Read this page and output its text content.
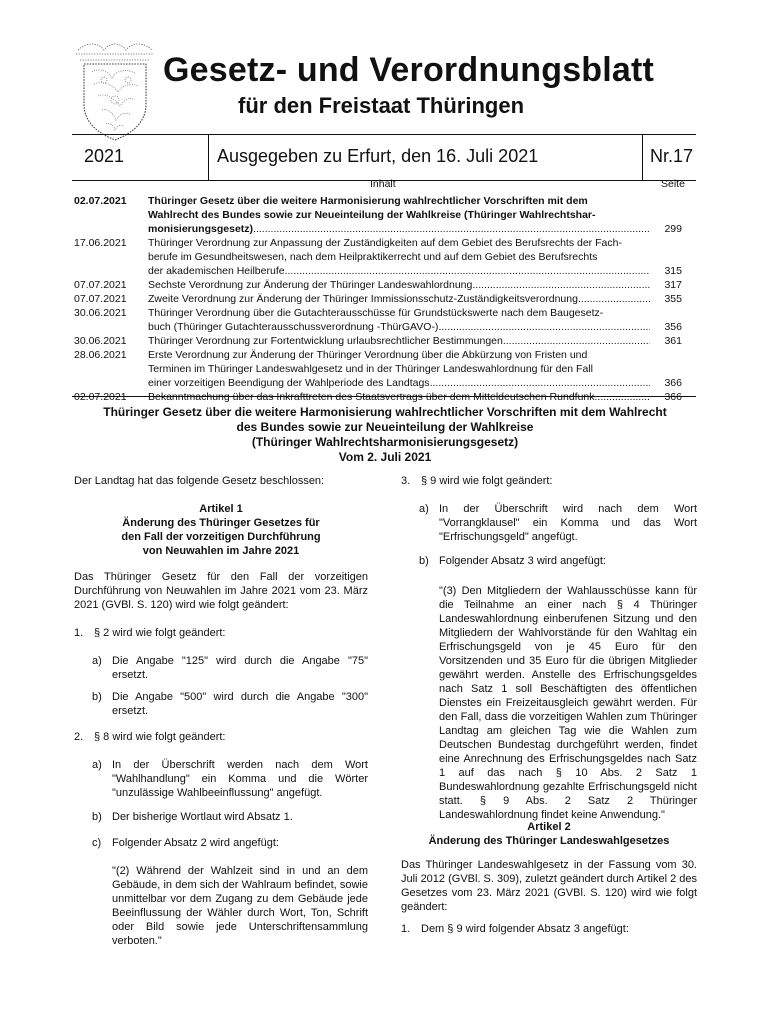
Gesetz- und Verordnungsblatt
für den Freistaat Thüringen
2021	Ausgegeben zu Erfurt, den 16. Juli 2021	Nr.17
Inhalt	Seite
02.07.2021 Thüringer Gesetz über die weitere Harmonisierung wahlrechtlicher Vorschriften mit dem
Wahlrecht des Bundes sowie zur Neueinteilung der Wahlkreise (Thüringer Wahlrechtshar-
monisierungsgesetz) .....	299
17.06.2021 Thüringer Verordnung zur Anpassung der Zuständigkeiten auf dem Gebiet des Berufsrechts der Fach-
berufe im Gesundheitswesen, nach dem Heilpraktikerrecht und auf dem Gebiet des Berufsrechts
der akademischen Heilberufe .....	315
07.07.2021 Sechste Verordnung zur Änderung der Thüringer Landeswahlordnung .....	317
07.07.2021 Zweite Verordnung zur Änderung der Thüringer Immissionsschutz-Zuständigkeitsverordnung .....	355
30.06.2021 Thüringer Verordnung über die Gutachterausschüsse für Grundstückswerte nach dem Baugesetz-
buch (Thüringer Gutachterausschussverordnung -ThürGAVO-) .....	356
30.06.2021 Thüringer Verordnung zur Fortentwicklung urlaubsrechtlicher Bestimmungen .....	361
28.06.2021 Erste Verordnung zur Änderung der Thüringer Verordnung über die Abkürzung von Fristen und
Terminen im Thüringer Landeswahlgesetz und in der Thüringer Landeswahlordnung für den Fall
einer vorzeitigen Beendigung der Wahlperiode des Landtags .....	366
02.07.2021 Bekanntmachung über das Inkrafttreten des Staatsvertrags über dem Mitteldeutschen Rundfunk .....	366
Thüringer Gesetz über die weitere Harmonisierung wahlrechtlicher Vorschriften mit dem Wahlrecht
des Bundes sowie zur Neueinteilung der Wahlkreise
(Thüringer Wahlrechtsharmonisierungsgesetz)
Vom 2. Juli 2021

Der Landtag hat das folgende Gesetz beschlossen:

Artikel 1

Änderung des Thüringer Gesetzes für den Fall der vorzeitigen Durchführung von Neuwahlen im Jahre 2021

Das Thüringer Gesetz für den Fall der vorzeitigen Durchführung von Neuwahlen im Jahre 2021 vom 23. März 2021 (GVBl. S. 120) wird wie folgt geändert:

1. § 2 wird wie folgt geändert:

a) Die Angabe "125" wird durch die Angabe "75" ersetzt.

b) Die Angabe "500" wird durch die Angabe "300" ersetzt.

2. § 8 wird wie folgt geändert:

a) In der Überschrift werden nach dem Wort "Wahlhandlung" ein Komma und die Wörter "unzulässige Wahlbeeinflussung" angefügt.

b) Der bisherige Wortlaut wird Absatz 1.

c) Folgender Absatz 2 wird angefügt:

"(2) Während der Wahlzeit sind in und an dem Gebäude, in dem sich der Wahlraum befindet, sowie unmittelbar vor dem Zugang zu dem Gebäude jede Beeinflussung der Wähler durch Wort, Ton, Schrift oder Bild sowie jede Unterschriftensammlung verboten."

3. § 9 wird wie folgt geändert:

a) In der Überschrift wird nach dem Wort "Vorrangklausel" ein Komma und das Wort "Erfrischungsgeld" angefügt.

b) Folgender Absatz 3 wird angefügt:

"(3) Den Mitgliedern der Wahlausschüsse kann für die Teilnahme an einer nach § 4 Thüringer Landeswahlordnung einberufenen Sitzung und den Mitgliedern der Wahlvorstände für den Wahltag ein Erfrischungsgeld von je 45 Euro für den Vorsitzenden und 35 Euro für die übrigen Mitglieder gewährt werden. Anstelle des Erfrischungsgeldes nach Satz 1 soll Beschäftigten des öffentlichen Dienstes ein Freizeitausgleich gewährt werden. Für den Fall, dass die vorzeitigen Wahlen zum Thüringer Landtag am gleichen Tag wie die Wahlen zum Deutschen Bundestag durchgeführt werden, findet eine Anrechnung des Erfrischungsgeldes nach Satz 1 auf das nach § 10 Abs. 2 Satz 1 Bundeswahlordnung gezahlte Erfrischungsgeld nicht statt. § 9 Abs. 2 Satz 2 Thüringer Landeswahlordnung findet keine Anwendung."

Artikel 2

Änderung des Thüringer Landeswahlgesetzes

Das Thüringer Landeswahlgesetz in der Fassung vom 30. Juli 2012 (GVBl. S. 309), zuletzt geändert durch Artikel 2 des Gesetzes vom 23. März 2021 (GVBl. S. 120) wird wie folgt geändert:

1. Dem § 9 wird folgender Absatz 3 angefügt:
